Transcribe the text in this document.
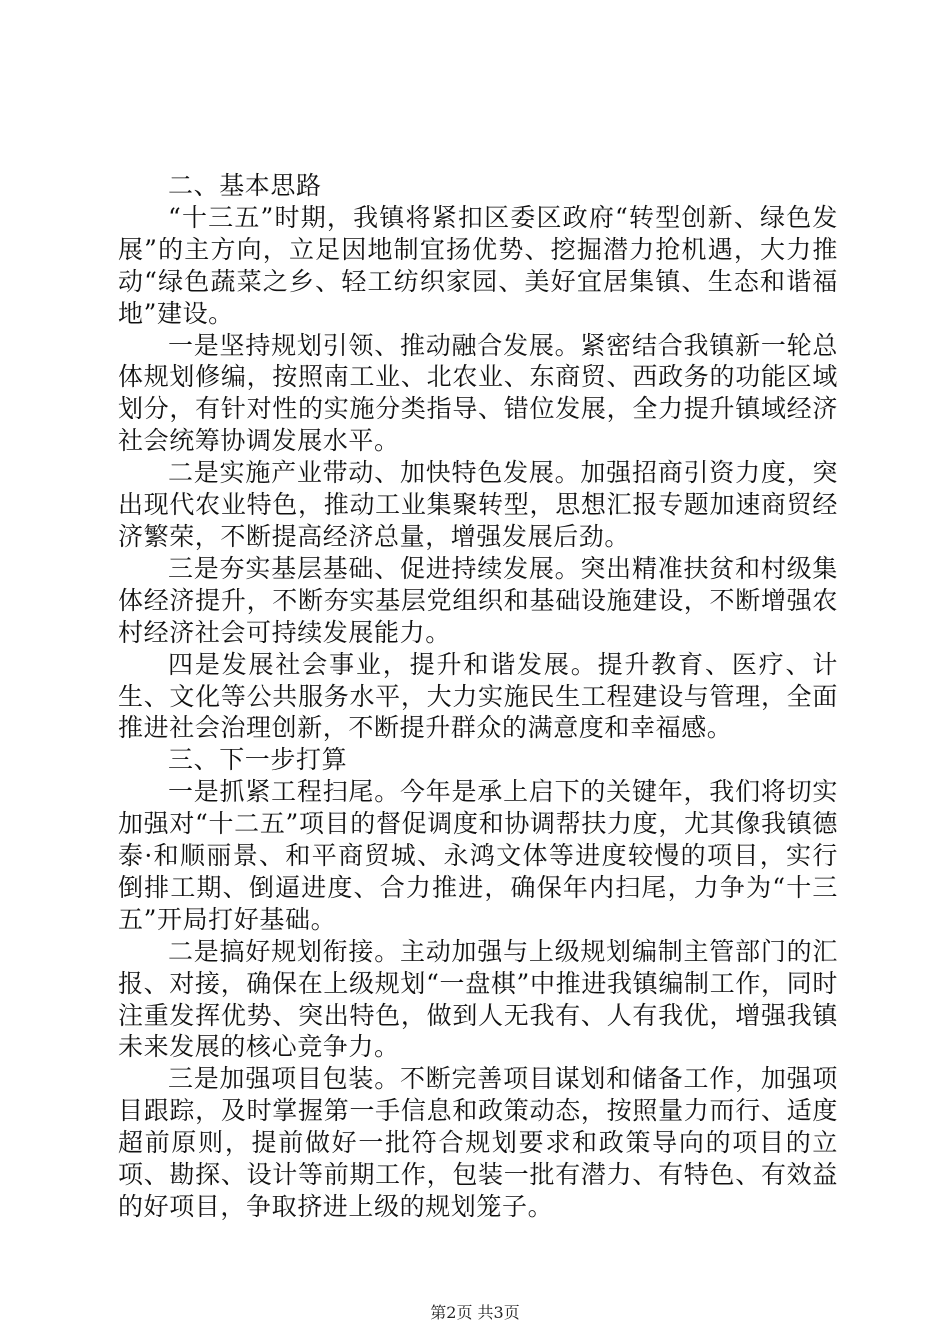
二、基本思路

“十三五”时期，我镇将紧扣区委区政府“转型创新、绿色发展”的主方向，立足因地制宜扬优势、挖掘潜力抢机遇，大力推动“绿色蔬菜之乡、轻工纺织家园、美好宜居集镇、生态和谐福地”建设。

一是坚持规划引领、推动融合发展。紧密结合我镇新一轮总体规划修编，按照南工业、北农业、东商贸、西政务的功能区域划分，有针对性的实施分类指导、错位发展，全力提升镇域经济社会统筹协调发展水平。

二是实施产业带动、加快特色发展。加强招商引资力度，突出现代农业特色，推动工业集聚转型，思想汇报专题加速商贸经济繁荣，不断提高经济总量，增强发展后劲。

三是夯实基层基础、促进持续发展。突出精准扶贫和村级集体经济提升，不断夯实基层党组织和基础设施建设，不断增强农村经济社会可持续发展能力。

四是发展社会事业，提升和谐发展。提升教育、医疗、计生、文化等公共服务水平，大力实施民生工程建设与管理，全面推进社会治理创新，不断提升群众的满意度和幸福感。

三、下一步打算

一是抓紧工程扫尾。今年是承上启下的关键年，我们将切实加强对“十二五”项目的督促调度和协调帮扶力度，尤其像我镇德泰·和顺丽景、和平商贸城、永鸿文体等进度较慢的项目，实行倒排工期、倒逼进度、合力推进，确保年内扫尾，力争为“十三五”开局打好基础。

二是搞好规划衔接。主动加强与上级规划编制主管部门的汇报、对接，确保在上级规划“一盘棋”中推进我镇编制工作，同时注重发挥优势、突出特色，做到人无我有、人有我优，增强我镇未来发展的核心竞争力。

三是加强项目包装。不断完善项目谋划和储备工作，加强项目跟踪，及时掌握第一手信息和政策动态，按照量力而行、适度超前原则，提前做好一批符合规划要求和政策导向的项目的立项、勘探、设计等前期工作，包装一批有潜力、有特色、有效益的好项目，争取挤进上级的规划笼子。

第2页 共3页
